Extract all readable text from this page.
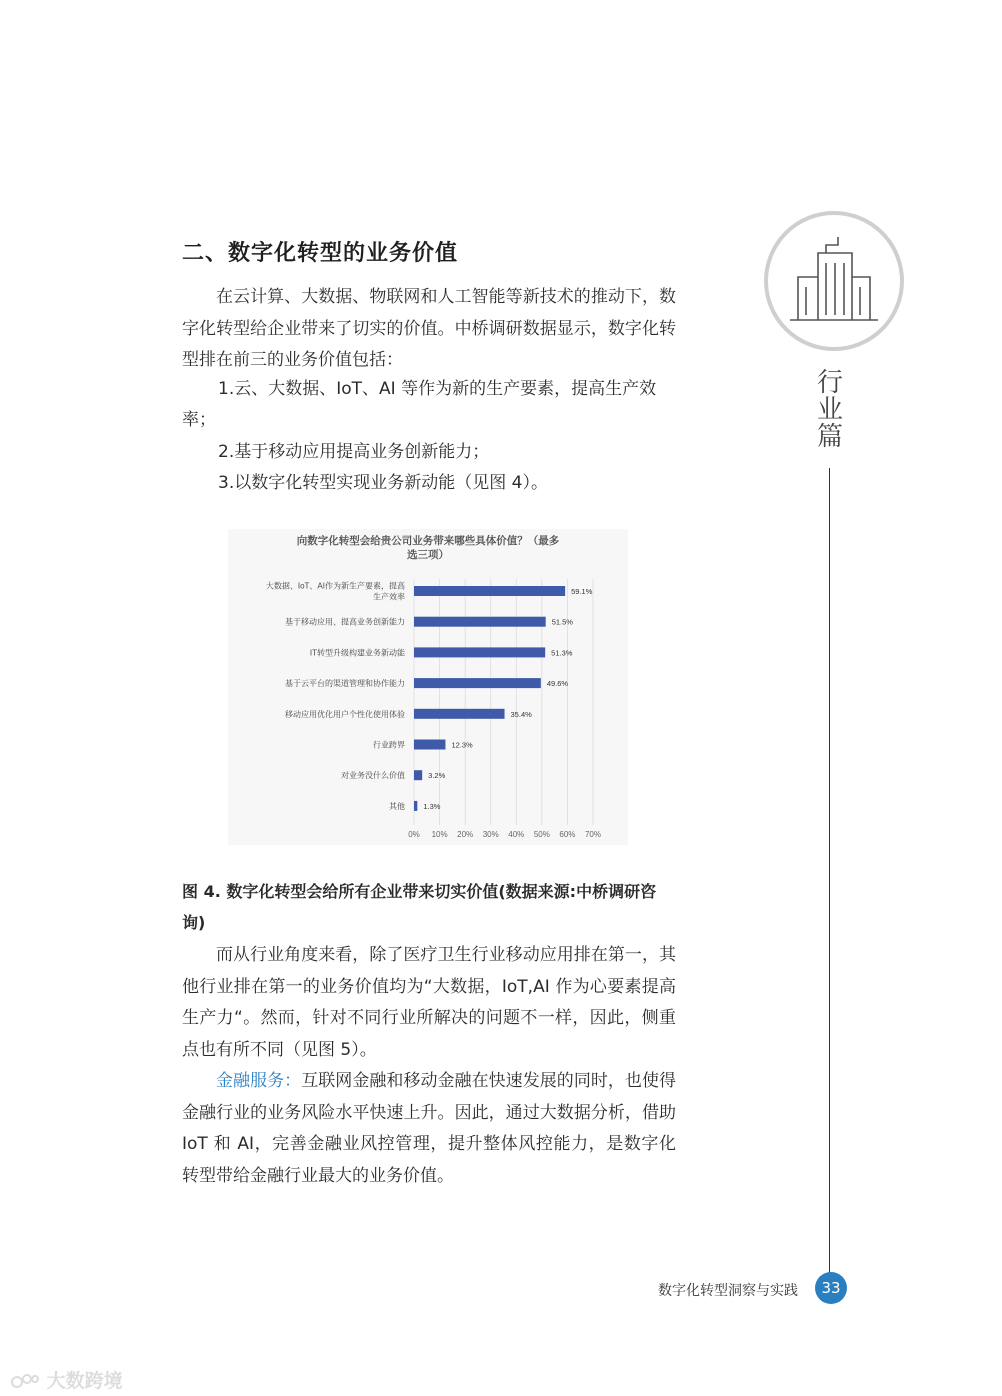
二、数字化转型的业务价值

在云计算、大数据、物联网和人工智能等新技术的推动下，数字化转型给企业带来了切实的价值。中桥调研数据显示，数字化转型排在前三的业务价值包括：

1.云、大数据、IoT、AI 等作为新的生产要素，提高生产效
率；
2.基于移动应用提高业务创新能力；
3.以数字化转型实现业务新动能（见图 4）。
向数字化转型会给贵公司业务带来哪些具体价值？（最多
选三项）
0% 10% 20% 30% 40% 50% 60% 70%
59.1%
大数据、IoT、AI作为新生产要素，提高
生产效率
51.5%
基于移动应用、提高业务创新能力
51.3%
IT转型升级构建业务新动能
49.6%
基于云平台的渠道管理和协作能力
35.4%
移动应用优化用户个性化使用体验
12.3%
行业跨界
3.2%
对业务没什么价值
1.3%
其他

图 4. 数字化转型会给所有企业带来切实价值(数据来源:中桥调研咨询)

而从行业角度来看，除了医疗卫生行业移动应用排在第一，其他行业排在第一的业务价值均为“大数据，IoT,AI 作为心要素提高生产力“。然而，针对不同行业所解决的问题不一样，因此，侧重点也有所不同（见图 5）。

金融服务：互联网金融和移动金融在快速发展的同时，也使得金融行业的业务风险水平快速上升。因此，通过大数据分析，借助 IoT 和 AI，完善金融业风控管理，提升整体风控能力，是数字化转型带给金融行业最大的业务价值。

行业篇
数字化转型洞察与实践	33
大数跨境
